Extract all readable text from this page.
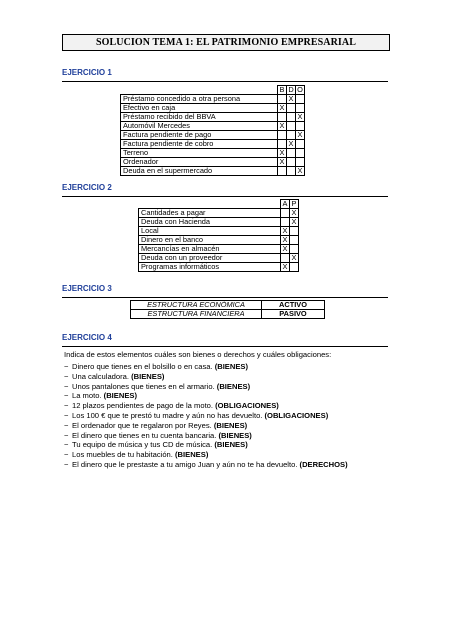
SOLUCION TEMA 1: EL PATRIMONIO EMPRESARIAL
EJERCICIO 1
	B	D	O
Préstamo concedido a otra persona		X	
Efectivo en caja	X		
Préstamo recibido del BBVA			X
Automóvil Mercedes	X		
Factura pendiente de pago			X
Factura pendiente de cobro		X	
Terreno	X		
Ordenador	X		
Deuda en el supermercado			X
EJERCICIO 2
	A	P
Cantidades a pagar		X
Deuda con Hacienda		X
Local	X	
Dinero en el banco	X	
Mercancías en almacén	X	
Deuda con un proveedor		X
Programas informáticos	X	
EJERCICIO 3
ESTRUCTURA ECONÓMICA	ACTIVO
ESTRUCTURA FINANCIERA	PASIVO
EJERCICIO 4
Indica de estos elementos cuáles son bienes o derechos y cuáles obligaciones:
− Dinero que tienes en el bolsillo o en casa. (BIENES)
− Una calculadora. (BIENES)
− Unos pantalones que tienes en el armario. (BIENES)
− La moto. (BIENES)
− 12 plazos pendientes de pago de la moto. (OBLIGACIONES)
− Los 100 € que te prestó tu madre y aún no has devuelto. (OBLIGACIONES)
− El ordenador que te regalaron por Reyes. (BIENES)
− El dinero que tienes en tu cuenta bancaria. (BIENES)
− Tu equipo de música y tus CD de música. (BIENES)
− Los muebles de tu habitación. (BIENES)
− El dinero que le prestaste a tu amigo Juan y aún no te ha devuelto. (DERECHOS)
